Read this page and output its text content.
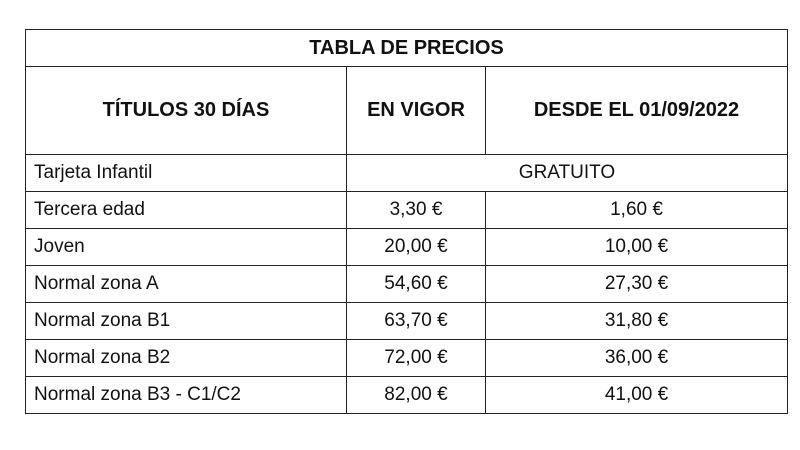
TABLA DE PRECIOS		
TÍTULOS 30 DÍAS	EN VIGOR	DESDE EL 01/09/2022
Tarjeta Infantil	GRATUITO	
Tercera edad	3,30 €	1,60 €
Joven	20,00 €	10,00 €
Normal zona A	54,60 €	27,30 €
Normal zona B1	63,70 €	31,80 €
Normal zona B2	72,00 €	36,00 €
Normal zona B3 - C1/C2	82,00 €	41,00 €
